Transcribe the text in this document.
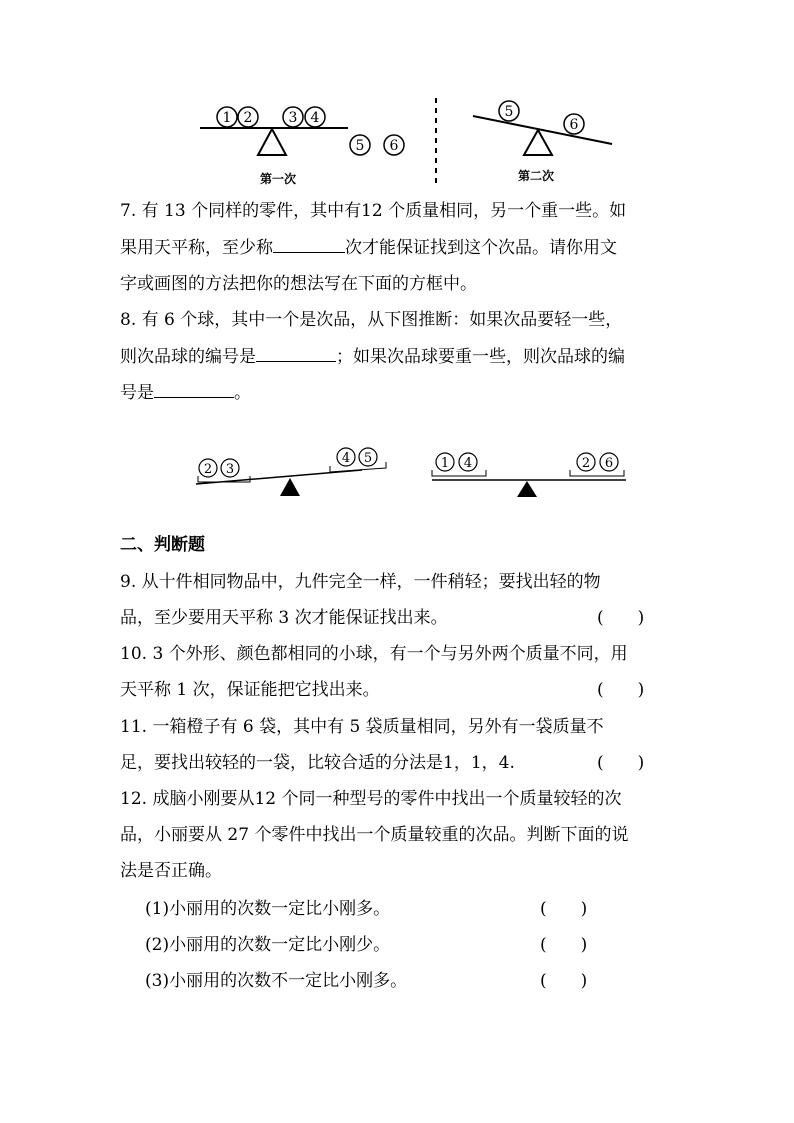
1 2	3 4
5 6
第一次
5
6
第二次
7. 有 13 个同样的零件，其中有12 个质量相同，另一个重一些。如
果用天平称，至少称	次才能保证找到这个次品。请你用文
字或画图的方法把你的想法写在下面的方框中。
8. 有 6 个球，其中一个是次品，从下图推断：如果次品要轻一些，
则次品球的编号是	；如果次品球要重一些，则次品球的编
号是	。
2 3
4 5	1 4	2 6
二、判断题
9. 从十件相同物品中，九件完全一样，一件稍轻；要找出轻的物
品，至少要用天平称 3 次才能保证找出来。	(　　)
10. 3 个外形、颜色都相同的小球，有一个与另外两个质量不同，用
天平称 1 次，保证能把它找出来。	(　　)
11. 一箱橙子有 6 袋，其中有 5 袋质量相同，另外有一袋质量不
足，要找出较轻的一袋，比较合适的分法是1，1，4.	(　　)
12. 成脑小刚要从12 个同一种型号的零件中找出一个质量较轻的次
品，小丽要从 27 个零件中找出一个质量较重的次品。判断下面的说
法是否正确。
(1)小丽用的次数一定比小刚多。	(　　)
(2)小丽用的次数一定比小刚少。	(　　)
(3)小丽用的次数不一定比小刚多。	(　　)
